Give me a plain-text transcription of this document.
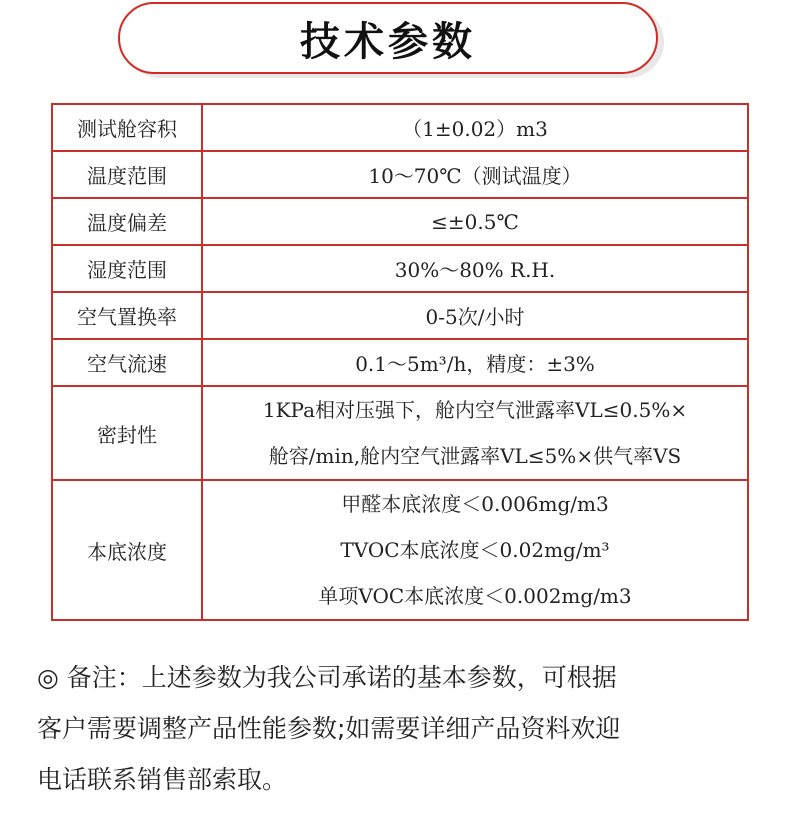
技术参数
测试舱容积	（1±0.02）m3
温度范围	10～70℃（测试温度）
温度偏差	≤±0.5℃
湿度范围	30%～80% R.H.
空气置换率	0-5次/小时
空气流速	0.1～5m³/h，精度：±3%
密封性	1KPa相对压强下，舱内空气泄露率VL≤0.5%×
舱容/min,舱内空气泄露率VL≤5%×供气率VS

本底浓度	甲醛本底浓度＜0.006mg/m3
TVOC本底浓度＜0.02mg/m³
单项VOC本底浓度＜0.002mg/m3
◎ 备注：上述参数为我公司承诺的基本参数，可根据
客户需要调整产品性能参数;如需要详细产品资料欢迎
电话联系销售部索取。
